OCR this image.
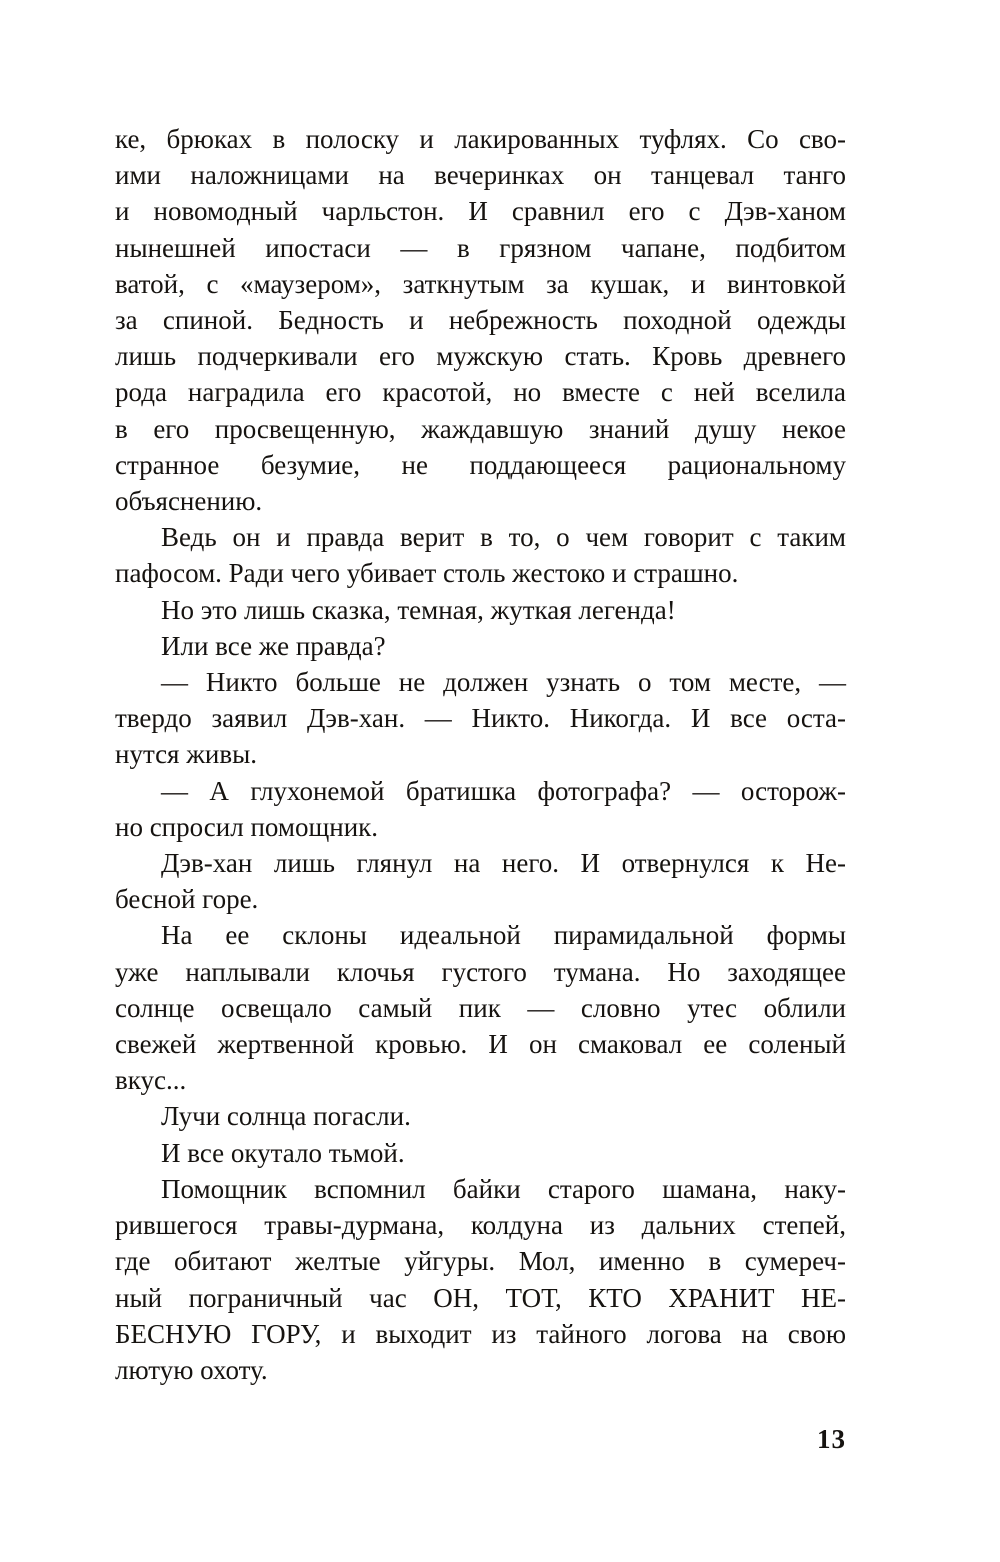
ке, брюках в полоску и лакированных туфлях. Со сво-
ими наложницами на вечеринках он танцевал танго
и новомодный чарльстон. И сравнил его с Дэв-ханом
нынешней ипостаси — в грязном чапане, подбитом
ватой, с «маузером», заткнутым за кушак, и винтовкой
за спиной. Бедность и небрежность походной одежды
лишь подчеркивали его мужскую стать. Кровь древнего
рода наградила его красотой, но вместе с ней вселила
в его просвещенную, жаждавшую знаний душу некое
странное безумие, не поддающееся рациональному
объяснению.
Ведь он и правда верит в то, о чем говорит с таким
пафосом. Ради чего убивает столь жестоко и страшно.
Но это лишь сказка, темная, жуткая легенда!
Или все же правда?
— Никто больше не должен узнать о том месте, —
твердо заявил Дэв-хан. — Никто. Никогда. И все оста-
нутся живы.
— А глухонемой братишка фотографа? — осторож-
но спросил помощник.
Дэв-хан лишь глянул на него. И отвернулся к Не-
бесной горе.
На ее склоны идеальной пирамидальной формы
уже наплывали клочья густого тумана. Но заходящее
солнце освещало самый пик — словно утес облили
свежей жертвенной кровью. И он смаковал ее соленый
вкус...
Лучи солнца погасли.
И все окутало тьмой.
Помощник вспомнил байки старого шамана, наку-
рившегося травы-дурмана, колдуна из дальних степей,
где обитают желтые уйгуры. Мол, именно в сумереч-
ный пограничный час ОН, ТОТ, КТО ХРАНИТ НЕ-
БЕСНУЮ ГОРУ, и выходит из тайного логова на свою
лютую охоту.
13
